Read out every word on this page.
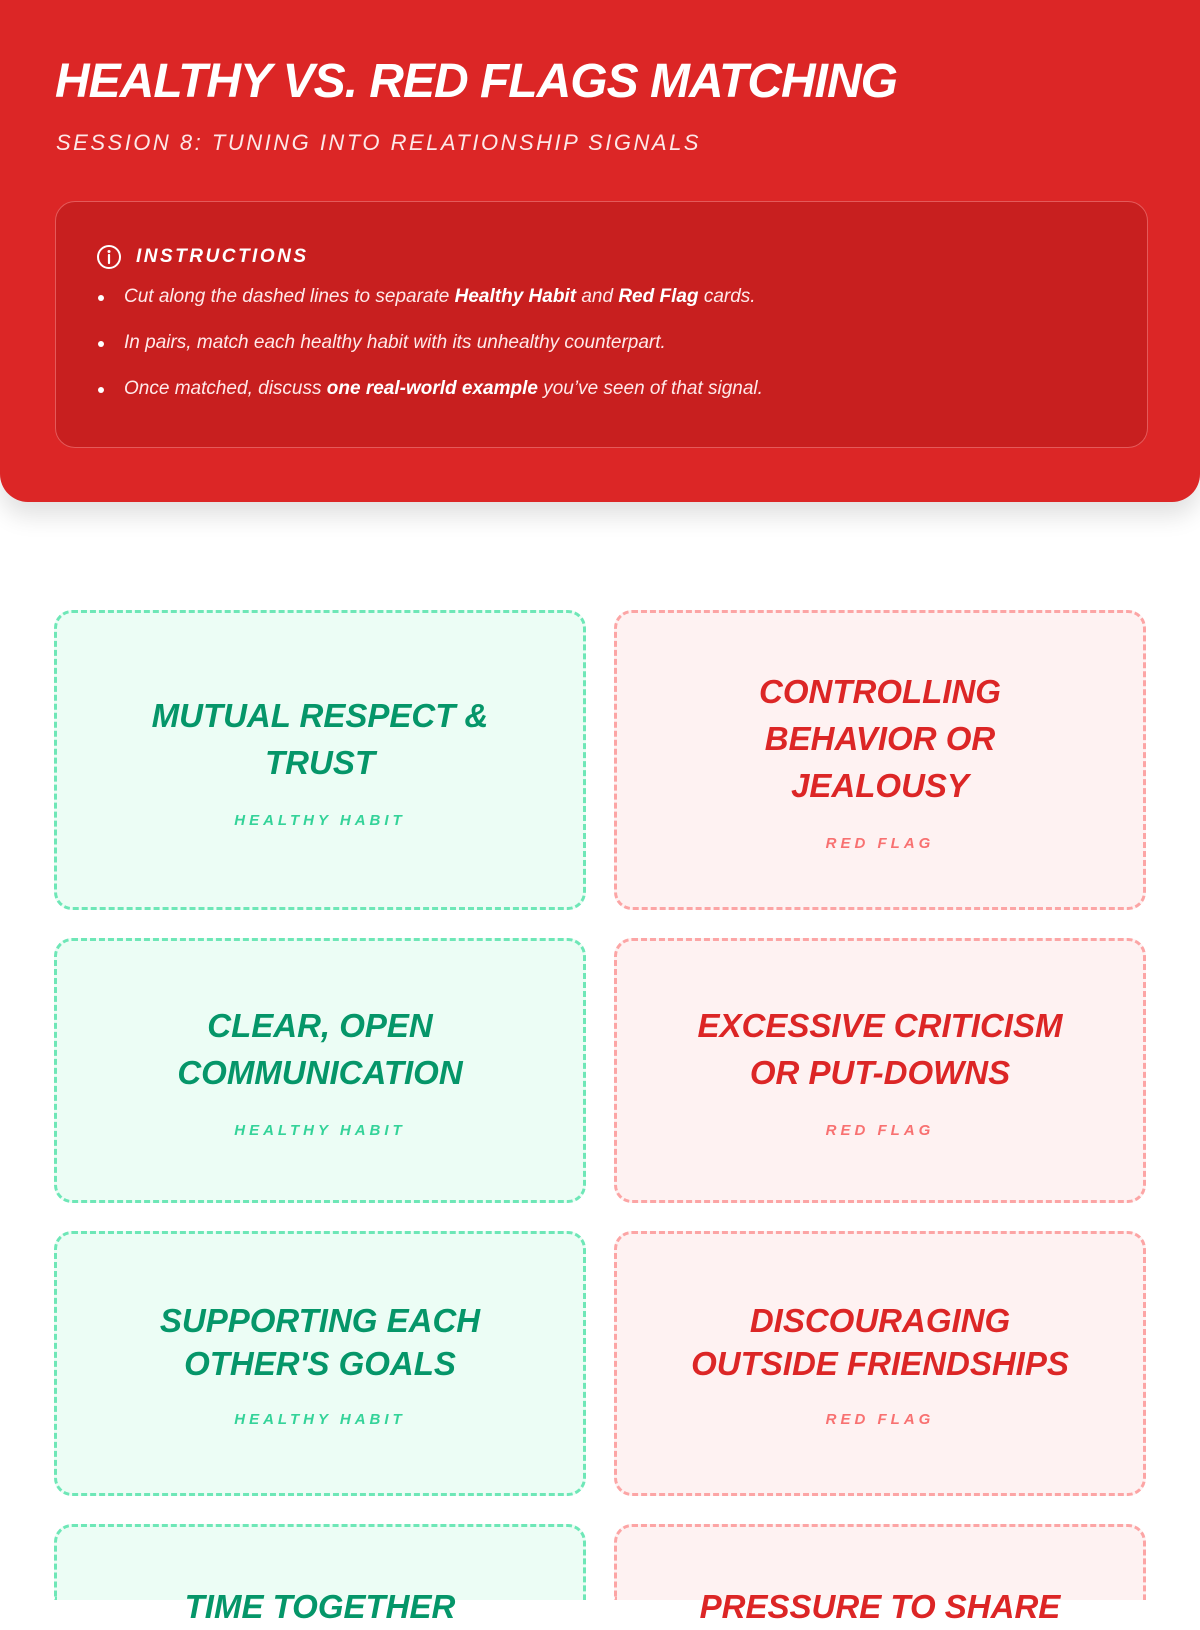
HEALTHY VS. RED FLAGS MATCHING
SESSION 8: TUNING INTO RELATIONSHIP SIGNALS
INSTRUCTIONS
Cut along the dashed lines to separate Healthy Habit and Red Flag cards.
In pairs, match each healthy habit with its unhealthy counterpart.
Once matched, discuss one real-world example you’ve seen of that signal.
MUTUAL RESPECT & TRUST
HEALTHY HABIT
CONTROLLING BEHAVIOR OR JEALOUSY
RED FLAG
CLEAR, OPEN COMMUNICATION
HEALTHY HABIT
EXCESSIVE CRITICISM OR PUT-DOWNS
RED FLAG
SUPPORTING EACH OTHER'S GOALS
HEALTHY HABIT
DISCOURAGING OUTSIDE FRIENDSHIPS
RED FLAG
TIME TOGETHER	PRESSURE TO SHARE
